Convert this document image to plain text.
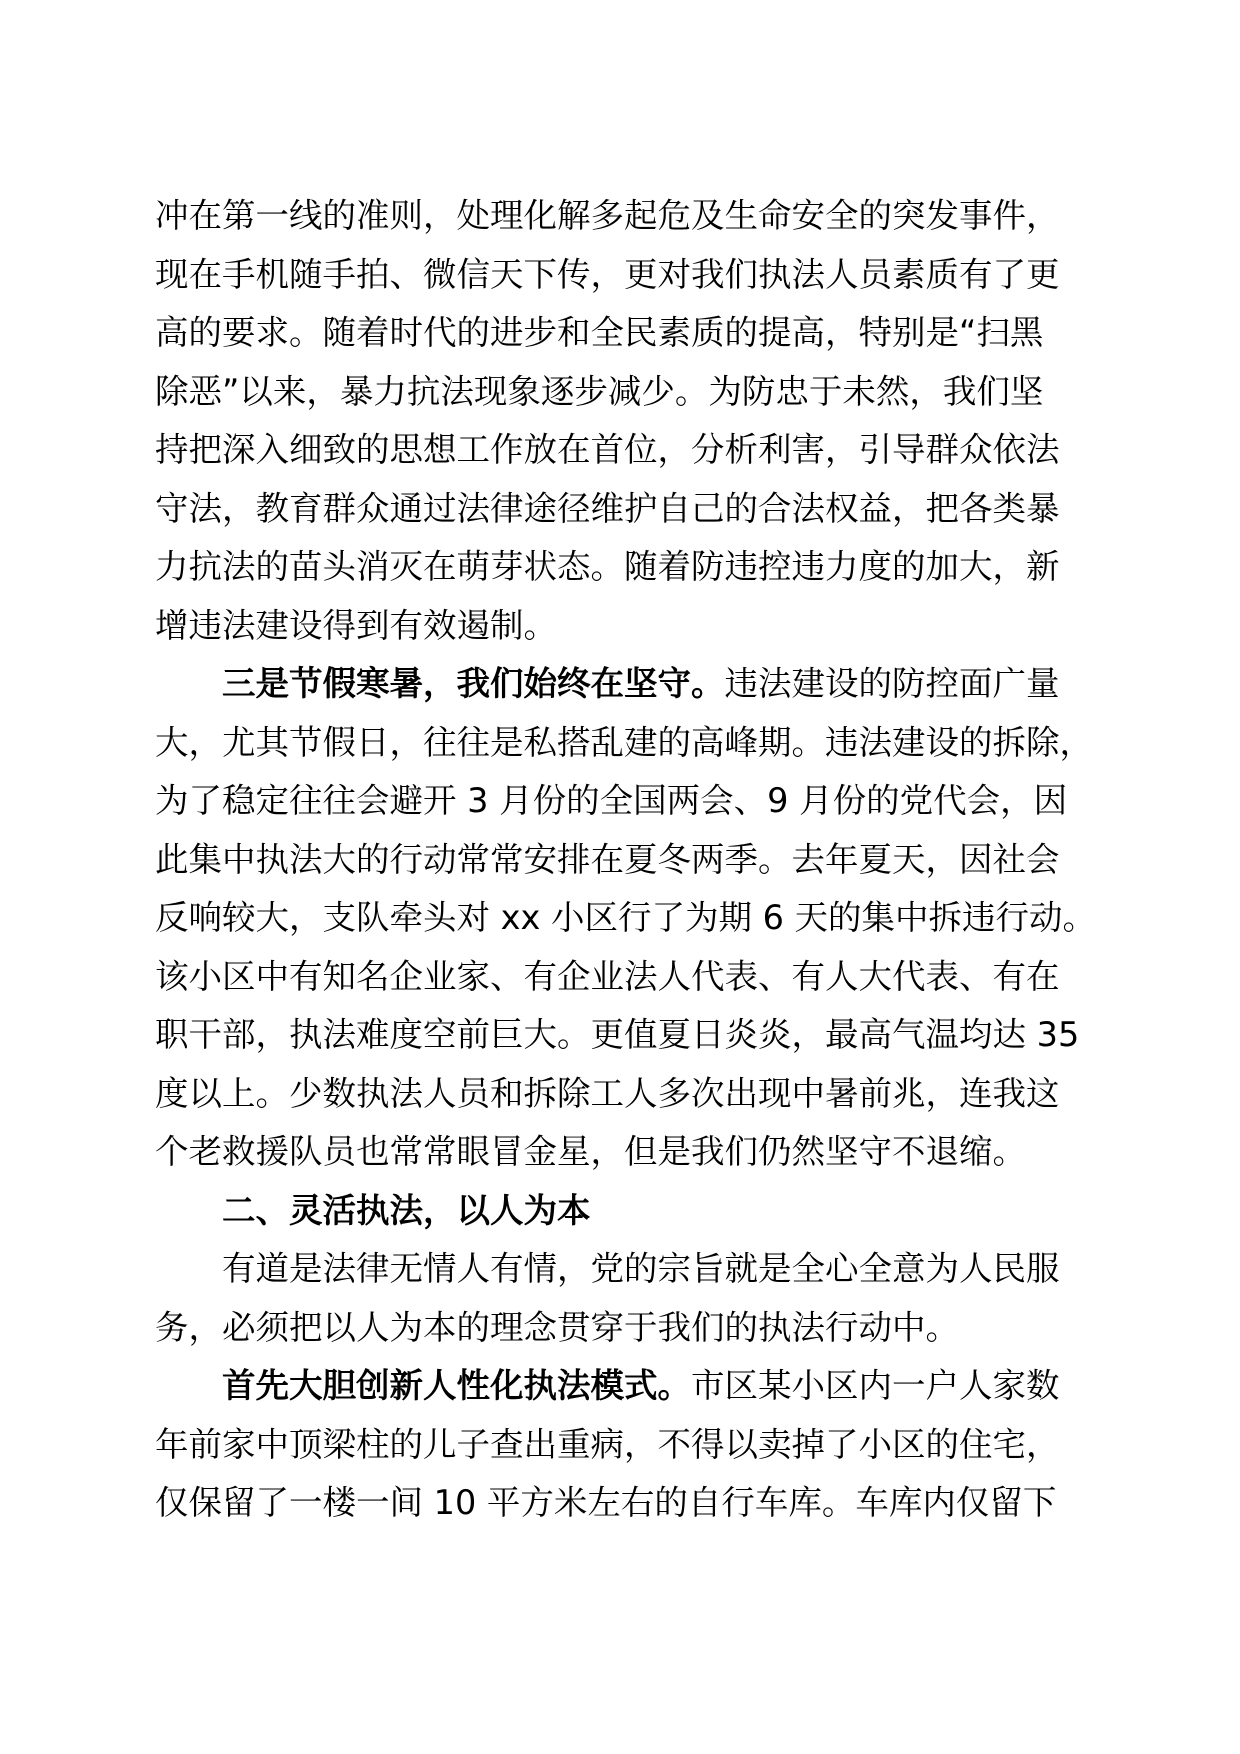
冲在第一线的准则，处理化解多起危及生命安全的突发事件，
现在手机随手拍、微信天下传，更对我们执法人员素质有了更
高的要求。随着时代的进步和全民素质的提高，特别是“扫黑
除恶”以来，暴力抗法现象逐步减少。为防忠于未然，我们坚
持把深入细致的思想工作放在首位，分析利害，引导群众依法
守法，教育群众通过法律途径维护自己的合法权益，把各类暴
力抗法的苗头消灭在萌芽状态。随着防违控违力度的加大，新
增违法建设得到有效遏制。
三是节假寒暑，我们始终在坚守。违法建设的防控面广量
大，尤其节假日，往往是私搭乱建的高峰期。违法建设的拆除，
为了稳定往往会避开 3 月份的全国两会、9 月份的党代会，因
此集中执法大的行动常常安排在夏冬两季。去年夏天，因社会
反响较大，支队牵头对 xx 小区行了为期 6 天的集中拆违行动。
该小区中有知名企业家、有企业法人代表、有人大代表、有在
职干部，执法难度空前巨大。更值夏日炎炎，最高气温均达 35
度以上。少数执法人员和拆除工人多次出现中暑前兆，连我这
个老救援队员也常常眼冒金星，但是我们仍然坚守不退缩。
二、灵活执法，以人为本
有道是法律无情人有情，党的宗旨就是全心全意为人民服
务，必须把以人为本的理念贯穿于我们的执法行动中。
首先大胆创新人性化执法模式。市区某小区内一户人家数
年前家中顶梁柱的儿子查出重病，不得以卖掉了小区的住宅，
仅保留了一楼一间 10 平方米左右的自行车库。车库内仅留下
